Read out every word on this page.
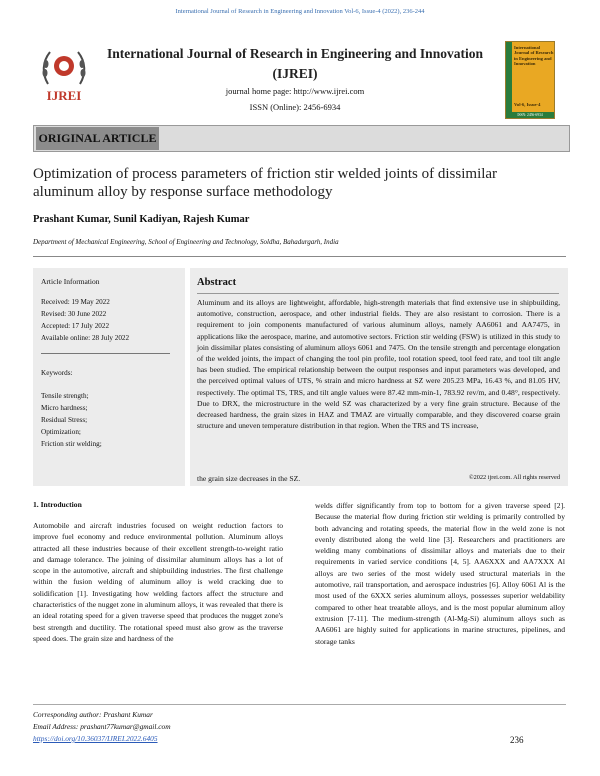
International Journal of Research in Engineering and Innovation Vol-6, Issue-4 (2022), 236-244
IJREI
International Journal of Research in Engineering and Innovation
(IJREI)
journal home page: http://www.ijrei.com
ISSN (Online): 2456-6934
International Journal of Research in Engineering and Innovation
Vol-6, Issue-4
ISSN: 2456-6934
ORIGINAL ARTICLE
Optimization of process parameters of friction stir welded joints of dissimilar aluminum alloy by response surface methodology
Prashant Kumar, Sunil Kadiyan, Rajesh Kumar
Department of Mechanical Engineering, School of Engineering and Technology, Soldha, Bahadurgarh, India
Article Information
Received: 19 May 2022
Revised: 30 June 2022
Accepted: 17 July 2022
Available online: 28 July 2022
Keywords:
Tensile strength;
Micro hardness;
Residual Stress;
Optimization;
Friction stir welding;
Abstract
Aluminum and its alloys are lightweight, affordable, high-strength materials that find extensive use in shipbuilding, automotive, construction, aerospace, and other industrial fields. They are also resistant to corrosion. There is a requirement to join components manufactured of various aluminum alloys, namely AA6061 and AA7475, in applications like the aerospace, marine, and automotive sectors. Friction stir welding (FSW) is utilized in this study to join dissimilar plates consisting of aluminum alloys 6061 and 7475. On the tensile strength and percentage elongation of the welded joints, the impact of changing the tool pin profile, tool rotation speed, tool feed rate, and tool tilt angle has been studied. The empirical relationship between the output responses and input parameters was developed, and the perceived optimal values of UTS, % strain and micro hardness at SZ were 205.23 MPa, 16.43 %, and 81.05 HV, respectively. The optimal TS, TRS, and tilt angle values were 87.42 mm-min-1, 783.92 rev/m, and 0.48°, respectively. Due to DRX, the microstructure in the weld SZ was characterized by a very fine grain structure. Because of the decreased hardness, the grain sizes in HAZ and TMAZ are virtually comparable, and they discovered coarse grain structure and uneven temperature distribution in that region. When the TRS and TS increase,
the grain size decreases in the SZ.	©2022 ijrei.com. All rights reserved
1. Introduction
Automobile and aircraft industries focused on weight reduction factors to improve fuel economy and reduce environmental pollution. Aluminum alloys attracted all these industries because of their excellent strength-to-weight ratio and damage tolerance. The joining of dissimilar aluminum alloys has a lot of scope in the automotive, aircraft and shipbuilding industries. The first challenge within the fusion welding of aluminum alloy is weld cracking due to solidification [1]. Investigating how welding factors affect the structure and characteristics of the nugget zone in aluminum alloys, it was revealed that there is an ideal rotating speed for a given traverse speed that produces the nugget zone's best strength and ductility. The rotational speed must also grow as the traverse speed does. The grain size and hardness of the
welds differ significantly from top to bottom for a given traverse speed [2]. Because the material flow during friction stir welding is primarily controlled by both advancing and rotating speeds, the material flow in the weld zone is not evenly distributed along the weld line [3]. Researchers and practitioners are welding many combinations of dissimilar alloys and materials due to their requirements in varied service conditions [4, 5]. AA6XXX and AA7XXX Al alloys are two series of the most widely used structural materials in the automotive, rail transportation, and aerospace industries [6]. Alloy 6061 Al is the most used of the 6XXX series aluminum alloys, possesses superior weldability compared to other heat treatable alloys, and is the most popular aluminum alloy extrusion [7-11]. The medium-strength (Al-Mg-Si) aluminum alloys such as AA6061 are highly suited for applications in marine structures, pipelines, and storage tanks
Corresponding author: Prashant Kumar
Email Address: prashant77kumar@gmail.com
https://doi.org/10.36037/IJREI.2022.6405	236
